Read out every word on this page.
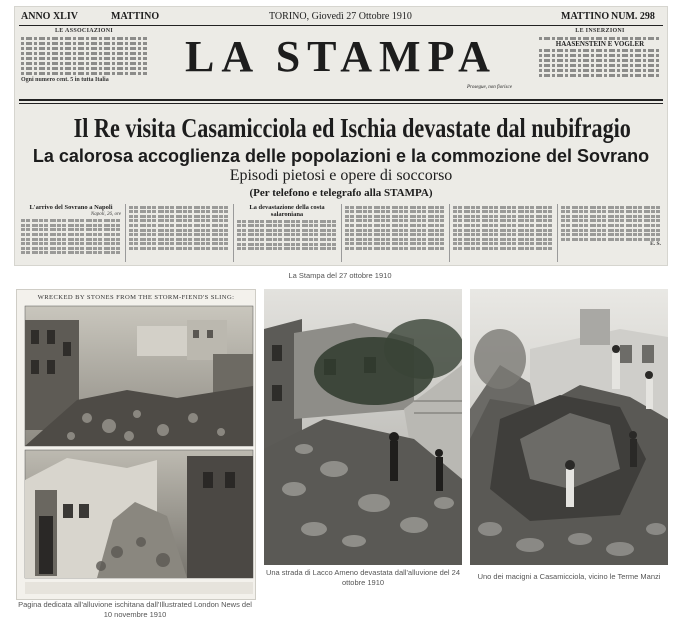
ANNO XLIV	MATTINO	TORINO, Giovedì 27 Ottobre 1910	MATTINO NUM. 298
LE ASSOCIAZIONI
Ogni numero cent. 5 in tutta Italia	LA STAMPA
Prosegue, non fiorisce
LE INSERZIONI
HAASENSTEIN E VOGLER
Il Re visita Casamicciola ed Ischia devastate dal nubifragio
La calorosa accoglienza delle popolazioni e la commozione del Sovrano
Episodi pietosi e opere di soccorso
(Per telefono e telegrafo alla STAMPA)
L'arrivo del Sovrano a Napoli
Napoli, 26, ore
La devastazione della costa salaroniana
E. S.
La Stampa del 27 ottobre 1910
WRECKED BY STONES FROM THE STORM-FIEND'S SLING:
Pagina dedicata all'alluvione ischitana dall'Illustrated London News del 10 novembre 1910
Una strada di Lacco Ameno devastata dall'alluvione del 24 ottobre 1910
Uno dei macigni a Casamicciola, vicino le Terme Manzi
